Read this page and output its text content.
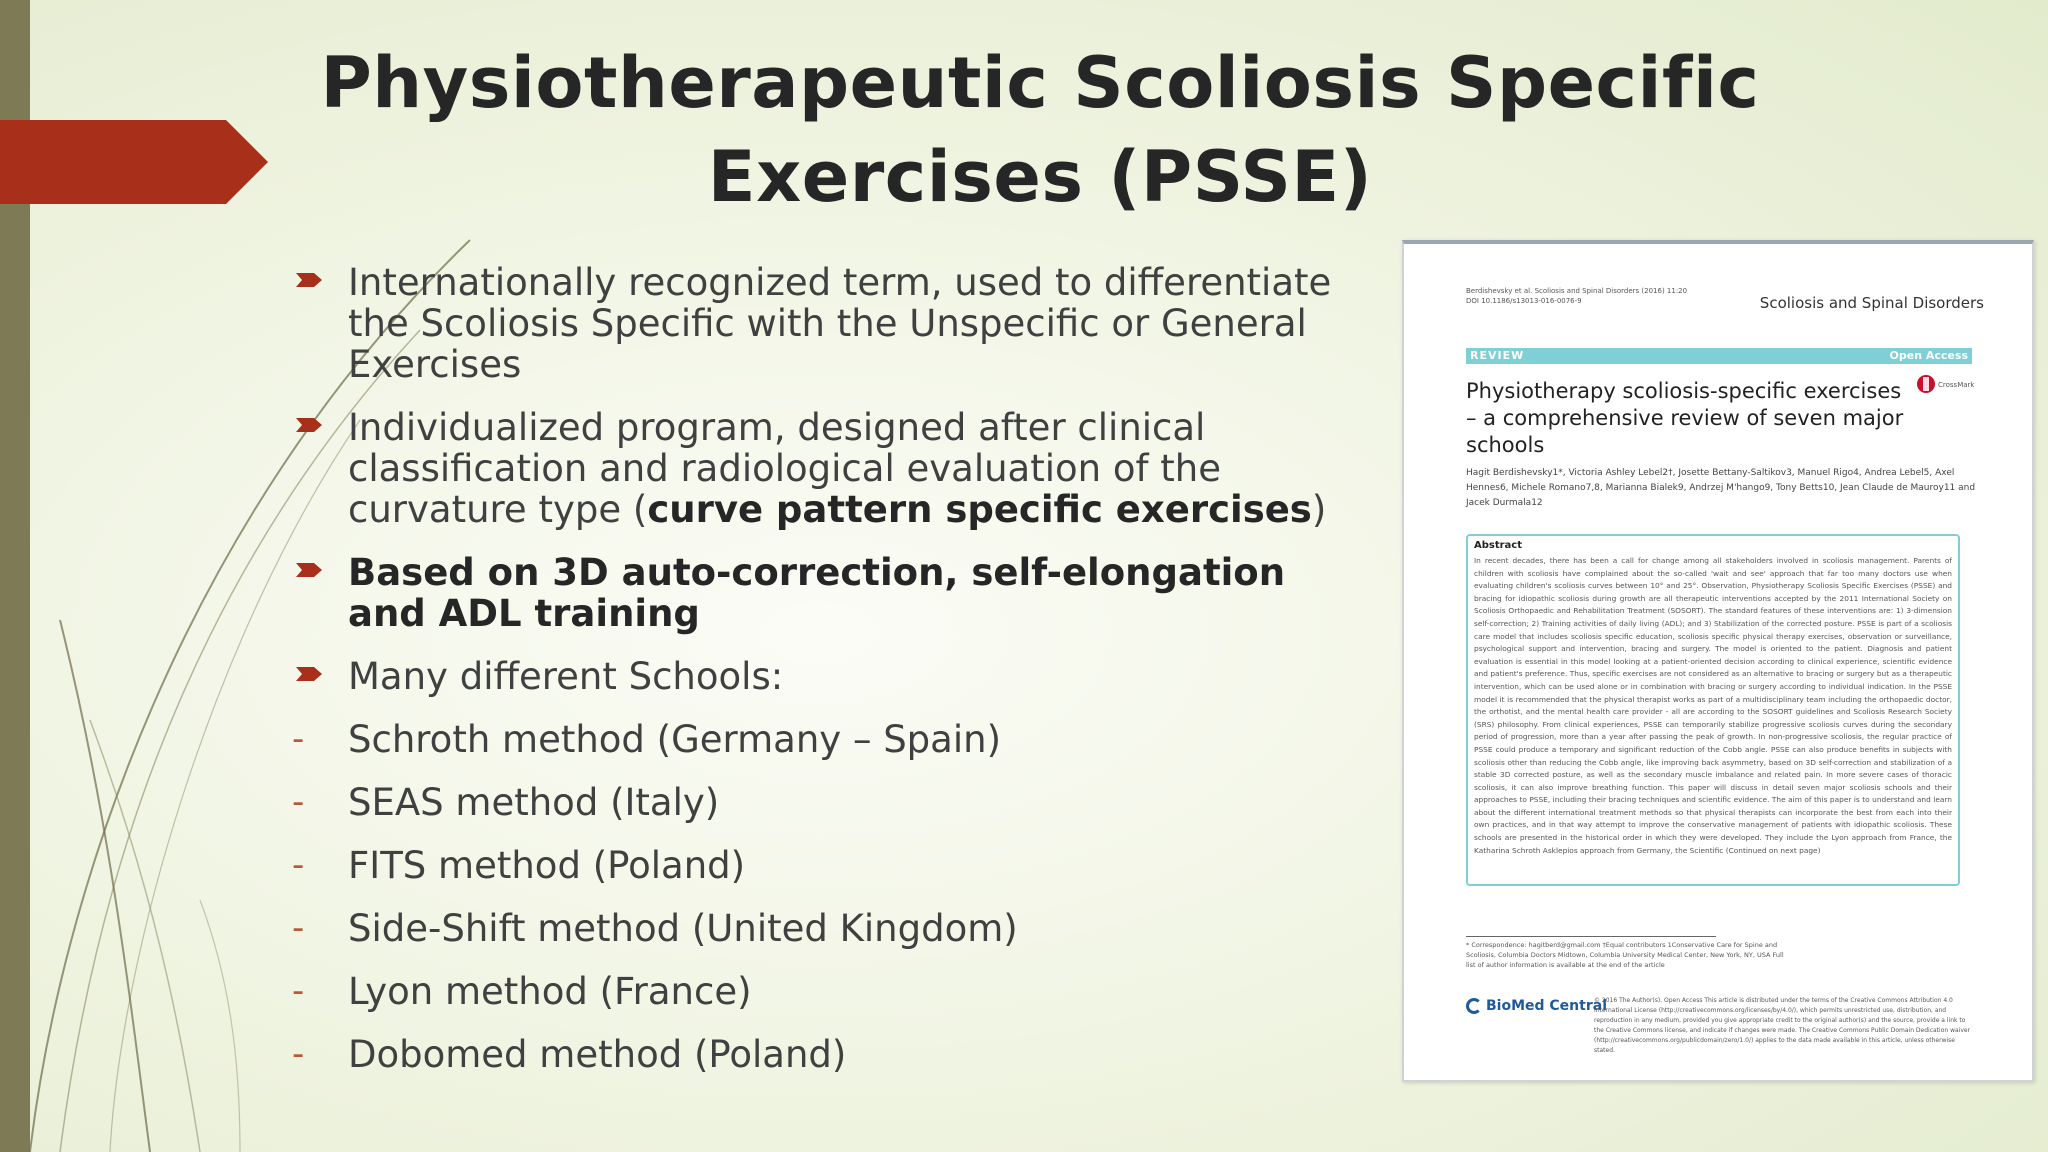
Physiotherapeutic Scoliosis Specific Exercises (PSSE)
Internationally recognized term, used to differentiate the Scoliosis Specific with the Unspecific or General Exercises
Individualized program, designed after clinical classification and radiological evaluation of the curvature type (curve pattern specific exercises)
Based on 3D auto-correction, self-elongation and ADL training
Many different Schools:
-	Schroth method (Germany – Spain)
-	SEAS method (Italy)
-	FITS method (Poland)
-	Side-Shift method (United Kingdom)
-	Lyon method (France)
-	Dobomed method (Poland)
Berdishevsky et al. Scoliosis and Spinal Disorders (2016) 11:20
DOI 10.1186/s13013-016-0076-9	Scoliosis and Spinal Disorders
REVIEW	Open Access
Physiotherapy scoliosis-specific exercises – a comprehensive review of seven major schools
CrossMark
Hagit Berdishevsky1*, Victoria Ashley Lebel2†, Josette Bettany-Saltikov3, Manuel Rigo4, Andrea Lebel5, Axel Hennes6, Michele Romano7,8, Marianna Bialek9, Andrzej M'hango9, Tony Betts10, Jean Claude de Mauroy11 and Jacek Durmala12
Abstract
In recent decades, there has been a call for change among all stakeholders involved in scoliosis management. Parents of children with scoliosis have complained about the so-called 'wait and see' approach that far too many doctors use when evaluating children's scoliosis curves between 10° and 25°. Observation, Physiotherapy Scoliosis Specific Exercises (PSSE) and bracing for idiopathic scoliosis during growth are all therapeutic interventions accepted by the 2011 International Society on Scoliosis Orthopaedic and Rehabilitation Treatment (SOSORT). The standard features of these interventions are: 1) 3-dimension self-correction; 2) Training activities of daily living (ADL); and 3) Stabilization of the corrected posture. PSSE is part of a scoliosis care model that includes scoliosis specific education, scoliosis specific physical therapy exercises, observation or surveillance, psychological support and intervention, bracing and surgery. The model is oriented to the patient. Diagnosis and patient evaluation is essential in this model looking at a patient-oriented decision according to clinical experience, scientific evidence and patient's preference. Thus, specific exercises are not considered as an alternative to bracing or surgery but as a therapeutic intervention, which can be used alone or in combination with bracing or surgery according to individual indication. In the PSSE model it is recommended that the physical therapist works as part of a multidisciplinary team including the orthopaedic doctor, the orthotist, and the mental health care provider - all are according to the SOSORT guidelines and Scoliosis Research Society (SRS) philosophy. From clinical experiences, PSSE can temporarily stabilize progressive scoliosis curves during the secondary period of progression, more than a year after passing the peak of growth. In non-progressive scoliosis, the regular practice of PSSE could produce a temporary and significant reduction of the Cobb angle. PSSE can also produce benefits in subjects with scoliosis other than reducing the Cobb angle, like improving back asymmetry, based on 3D self-correction and stabilization of a stable 3D corrected posture, as well as the secondary muscle imbalance and related pain. In more severe cases of thoracic scoliosis, it can also improve breathing function. This paper will discuss in detail seven major scoliosis schools and their approaches to PSSE, including their bracing techniques and scientific evidence. The aim of this paper is to understand and learn about the different international treatment methods so that physical therapists can incorporate the best from each into their own practices, and in that way attempt to improve the conservative management of patients with idiopathic scoliosis. These schools are presented in the historical order in which they were developed. They include the Lyon approach from France, the Katharina Schroth Asklepios approach from Germany, the Scientific (Continued on next page)
* Correspondence: hagitberd@gmail.com †Equal contributors 1Conservative Care for Spine and Scoliosis, Columbia Doctors Midtown, Columbia University Medical Center, New York, NY, USA Full list of author information is available at the end of the article
BioMed Central
© 2016 The Author(s). Open Access This article is distributed under the terms of the Creative Commons Attribution 4.0 International License (http://creativecommons.org/licenses/by/4.0/), which permits unrestricted use, distribution, and reproduction in any medium, provided you give appropriate credit to the original author(s) and the source, provide a link to the Creative Commons license, and indicate if changes were made. The Creative Commons Public Domain Dedication waiver (http://creativecommons.org/publicdomain/zero/1.0/) applies to the data made available in this article, unless otherwise stated.
